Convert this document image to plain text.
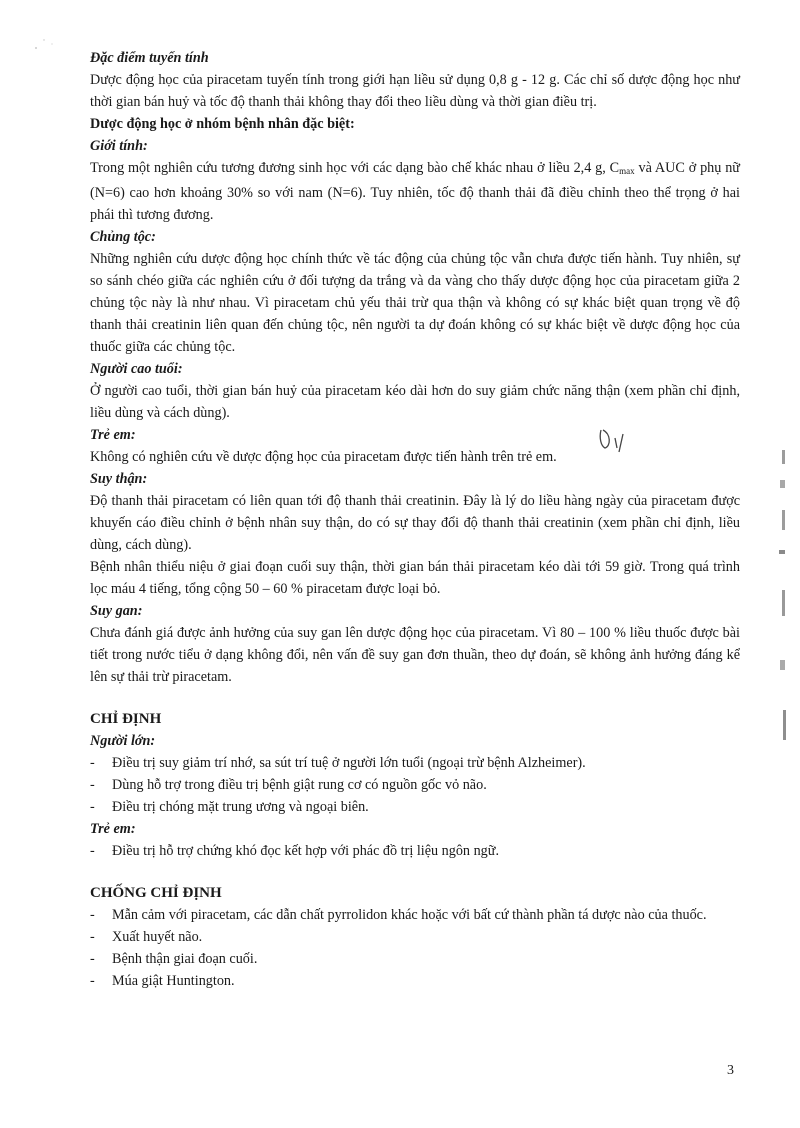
Đặc điểm tuyến tính

Dược động học của piracetam tuyến tính trong giới hạn liều sử dụng 0,8 g - 12 g. Các chỉ số dược động học như thời gian bán huỷ và tốc độ thanh thải không thay đổi theo liều dùng và thời gian điều trị.

Dược động học ở nhóm bệnh nhân đặc biệt:

Giới tính:

Trong một nghiên cứu tương đương sinh học với các dạng bào chế khác nhau ở liều 2,4 g, $C_{max}$ và AUC ở phụ nữ (N=6) cao hơn khoảng 30% so với nam (N=6). Tuy nhiên, tốc độ thanh thải đã điều chỉnh theo thể trọng ở hai phái thì tương đương.

Chủng tộc:

Những nghiên cứu dược động học chính thức về tác động của chủng tộc vẫn chưa được tiến hành. Tuy nhiên, sự so sánh chéo giữa các nghiên cứu ở đối tượng da trắng và da vàng cho thấy dược động học của piracetam giữa 2 chủng tộc này là như nhau. Vì piracetam chủ yếu thải trừ qua thận và không có sự khác biệt quan trọng về độ thanh thải creatinin liên quan đến chủng tộc, nên người ta dự đoán không có sự khác biệt về dược động học của thuốc giữa các chủng tộc.

Người cao tuổi:

Ở người cao tuổi, thời gian bán huỷ của piracetam kéo dài hơn do suy giảm chức năng thận (xem phần chỉ định, liều dùng và cách dùng).

Trẻ em:

Không có nghiên cứu về dược động học của piracetam được tiến hành trên trẻ em.

Suy thận:

Độ thanh thải piracetam có liên quan tới độ thanh thải creatinin. Đây là lý do liều hàng ngày của piracetam được khuyến cáo điều chỉnh ở bệnh nhân suy thận, do có sự thay đổi độ thanh thải creatinin (xem phần chỉ định, liều dùng, cách dùng).

Bệnh nhân thiểu niệu ở giai đoạn cuối suy thận, thời gian bán thải piracetam kéo dài tới 59 giờ. Trong quá trình lọc máu 4 tiếng, tổng cộng 50 – 60 % piracetam được loại bỏ.

Suy gan:

Chưa đánh giá được ảnh hưởng của suy gan lên dược động học của piracetam. Vì 80 – 100 % liều thuốc được bài tiết trong nước tiểu ở dạng không đổi, nên vấn đề suy gan đơn thuần, theo dự đoán, sẽ không ảnh hưởng đáng kể lên sự thải trừ piracetam.

CHỈ ĐỊNH

Người lớn:

- Điều trị suy giảm trí nhớ, sa sút trí tuệ ở người lớn tuổi (ngoại trừ bệnh Alzheimer).
- Dùng hỗ trợ trong điều trị bệnh giật rung cơ có nguồn gốc vỏ não.
- Điều trị chóng mặt trung ương và ngoại biên.

Trẻ em:

- Điều trị hỗ trợ chứng khó đọc kết hợp với phác đồ trị liệu ngôn ngữ.

CHỐNG CHỈ ĐỊNH

- Mẫn cảm với piracetam, các dẫn chất pyrrolidon khác hoặc với bất cứ thành phần tá dược nào của thuốc.
- Xuất huyết não.
- Bệnh thận giai đoạn cuối.
- Múa giật Huntington.
3
